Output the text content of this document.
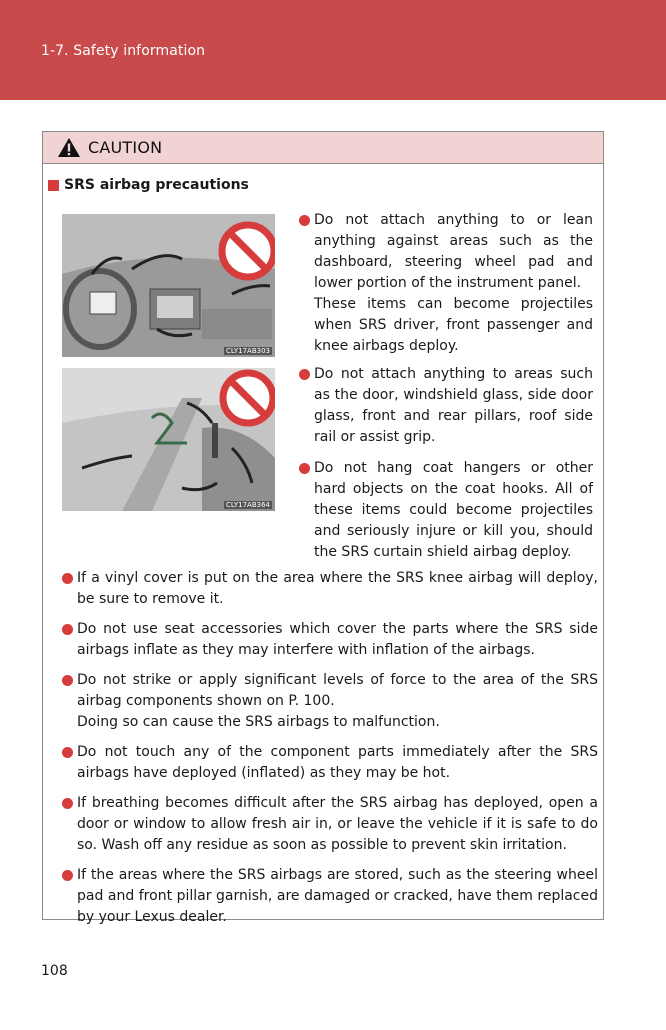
1-7. Safety information
CAUTION
SRS airbag precautions
CLY17AB303
CLY17AB364

Do not attach anything to or lean anything against areas such as the dashboard, steering wheel pad and lower portion of the instrument panel.

These items can become projectiles when SRS driver, front passenger and knee airbags deploy.

Do not attach anything to areas such as the door, windshield glass, side door glass, front and rear pillars, roof side rail or assist grip.

Do not hang coat hangers or other hard objects on the coat hooks. All of these items could become projectiles and seriously injure or kill you, should the SRS curtain shield airbag deploy.

If a vinyl cover is put on the area where the SRS knee airbag will deploy, be sure to remove it.

Do not use seat accessories which cover the parts where the SRS side airbags inflate as they may interfere with inflation of the airbags.

Do not strike or apply significant levels of force to the area of the SRS airbag components shown on P. 100.

Doing so can cause the SRS airbags to malfunction.

Do not touch any of the component parts immediately after the SRS airbags have deployed (inflated) as they may be hot.

If breathing becomes difficult after the SRS airbag has deployed, open a door or window to allow fresh air in, or leave the vehicle if it is safe to do so. Wash off any residue as soon as possible to prevent skin irritation.

If the areas where the SRS airbags are stored, such as the steering wheel pad and front pillar garnish, are damaged or cracked, have them replaced by your Lexus dealer.

108
